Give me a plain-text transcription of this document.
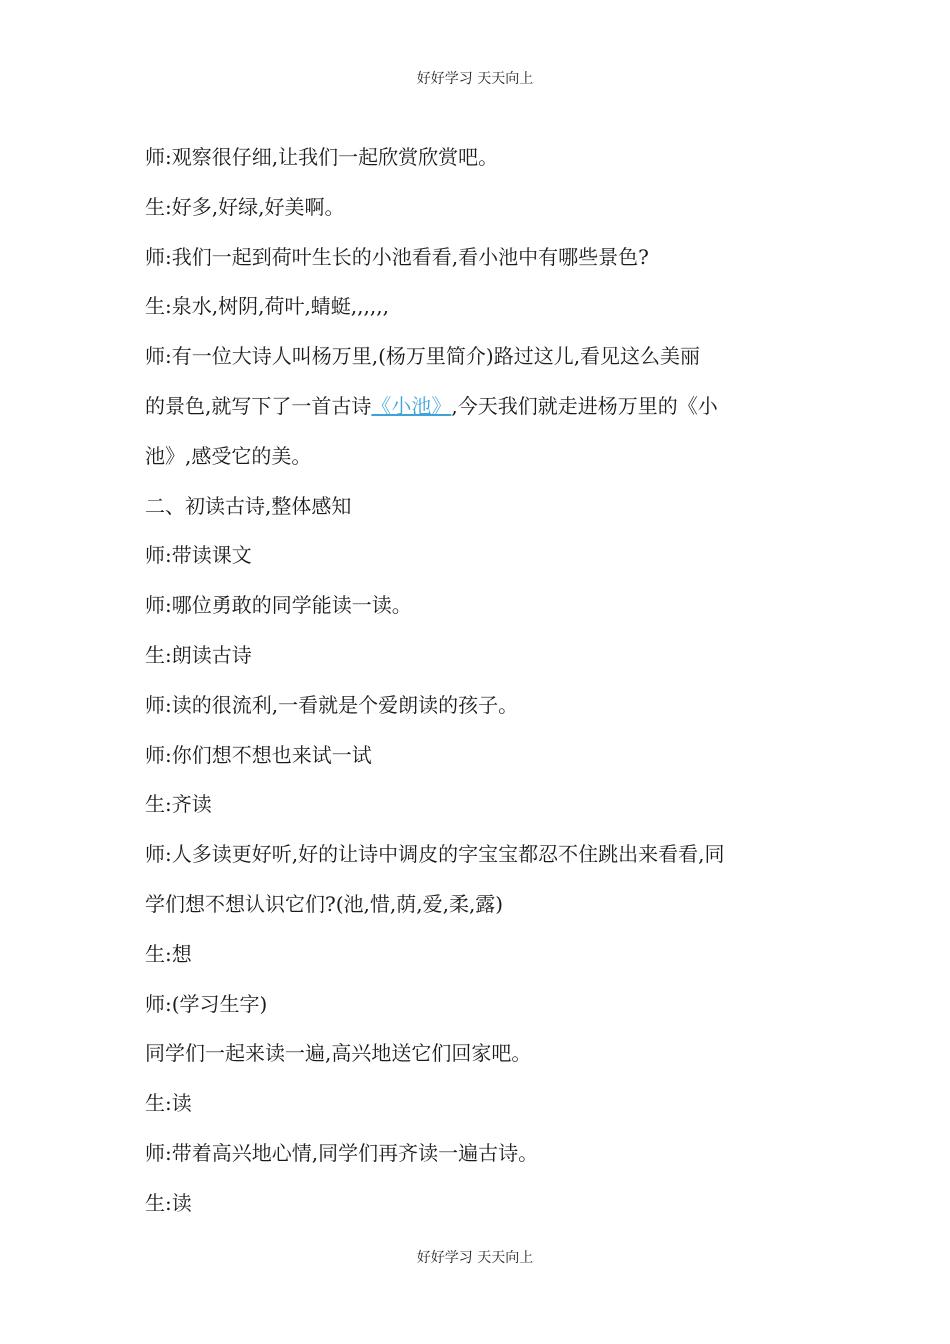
好好学习 天天向上

师:观察很仔细,让我们一起欣赏欣赏吧。

生:好多,好绿,好美啊。

师:我们一起到荷叶生长的小池看看,看小池中有哪些景色?

生:泉水,树阴,荷叶,蜻蜓,,,,,,

师:有一位大诗人叫杨万里,(杨万里简介)路过这儿,看见这么美丽

的景色,就写下了一首古诗《小池》,今天我们就走进杨万里的《小

池》,感受它的美。

二、初读古诗,整体感知

师:带读课文

师:哪位勇敢的同学能读一读。

生:朗读古诗

师:读的很流利,一看就是个爱朗读的孩子。

师:你们想不想也来试一试

生:齐读

师:人多读更好听,好的让诗中调皮的字宝宝都忍不住跳出来看看,同

学们想不想认识它们?(池,惜,荫,爱,柔,露)

生:想

师:(学习生字)

同学们一起来读一遍,高兴地送它们回家吧。

生:读

师:带着高兴地心情,同学们再齐读一遍古诗。

生:读

好好学习 天天向上
